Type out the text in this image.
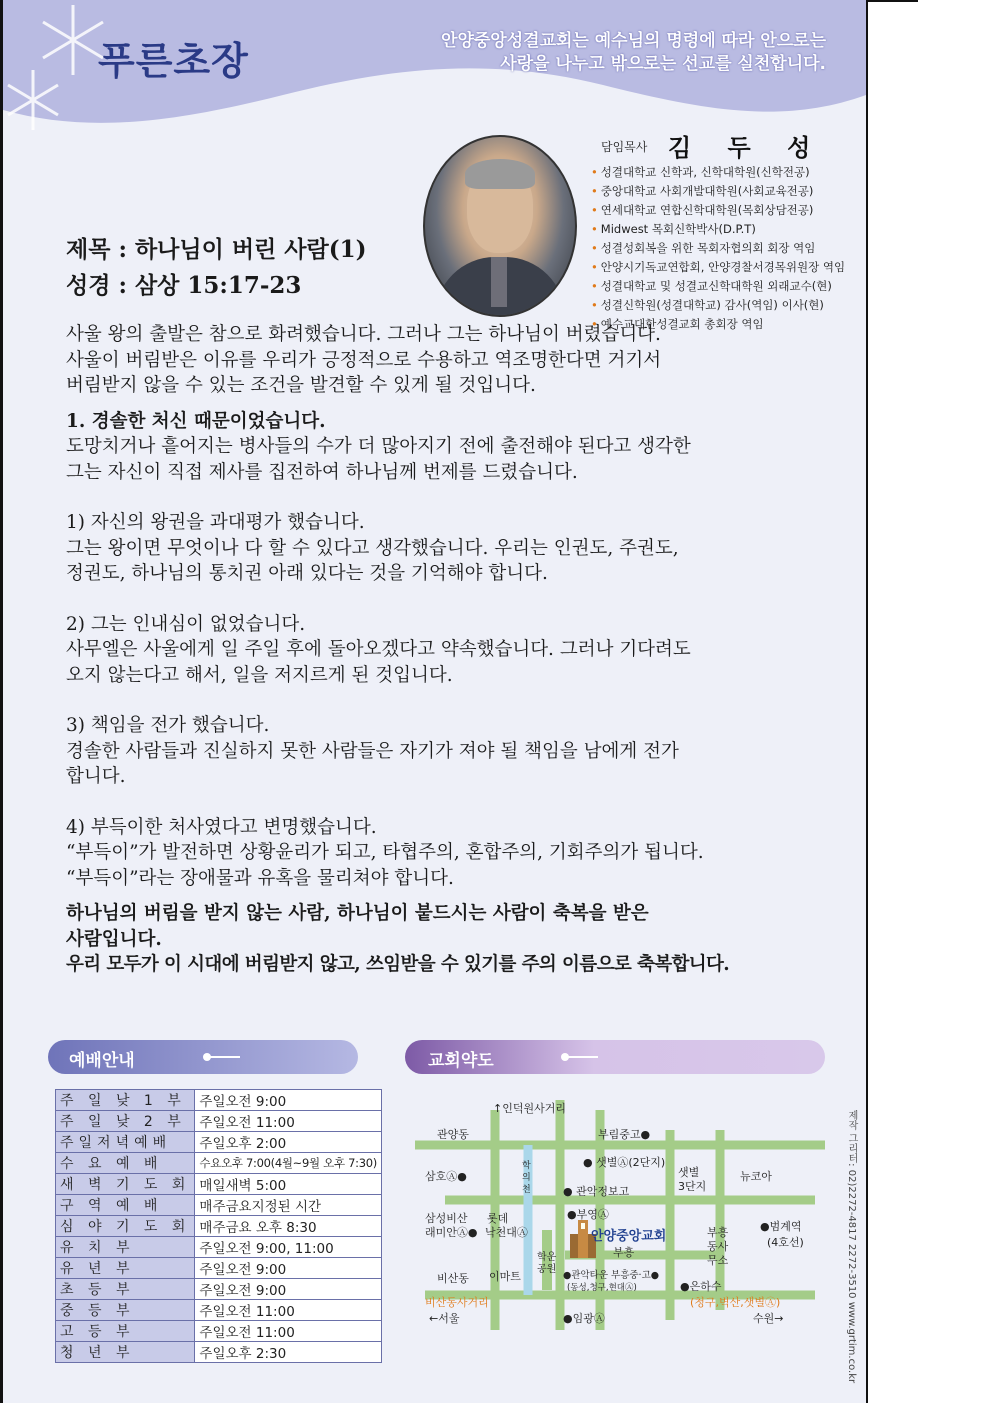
푸른초장	안양중앙성결교회는 예수님의 명령에 따라 안으로는
사랑을 나누고 밖으로는 선교를 실천합니다.
담임목사 김 두 성
• 성결대학교 신학과, 신학대학원(신학전공)
• 중앙대학교 사회개발대학원(사회교육전공)
• 연세대학교 연합신학대학원(목회상담전공)
• Midwest 목회신학박사(D.P.T)
• 성결성회복을 위한 목회자협의회 회장 역임
• 안양시기독교연합회, 안양경찰서경목위원장 역임
• 성결대학교 및 성결교신학대학원 외래교수(현)
• 성결신학원(성결대학교) 감사(역임) 이사(현)
• 예수교대한성결교회 총회장 역임
제목 : 하나님이 버린 사람(1)
성경 : 삼상 15:17-23

사울 왕의 출발은 참으로 화려했습니다. 그러나 그는 하나님이 버렸습니다.

사울이 버림받은 이유를 우리가 긍정적으로 수용하고 역조명한다면 거기서

버림받지 않을 수 있는 조건을 발견할 수 있게 될 것입니다.

1. 경솔한 처신 때문이었습니다.

도망치거나 흩어지는 병사들의 수가 더 많아지기 전에 출전해야 된다고 생각한

그는 자신이 직접 제사를 집전하여 하나님께 번제를 드렸습니다.

1) 자신의 왕권을 과대평가 했습니다.

그는 왕이면 무엇이나 다 할 수 있다고 생각했습니다. 우리는 인권도, 주권도,

정권도, 하나님의 통치권 아래 있다는 것을 기억해야 합니다.

2) 그는 인내심이 없었습니다.

사무엘은 사울에게 일 주일 후에 돌아오겠다고 약속했습니다. 그러나 기다려도

오지 않는다고 해서, 일을 저지르게 된 것입니다.

3) 책임을 전가 했습니다.

경솔한 사람들과 진실하지 못한 사람들은 자기가 져야 될 책임을 남에게 전가

합니다.

4) 부득이한 처사였다고 변명했습니다.

“부득이”가 발전하면 상황윤리가 되고, 타협주의, 혼합주의, 기회주의가 됩니다.

“부득이”라는 장애물과 유혹을 물리쳐야 합니다.

하나님의 버림을 받지 않는 사람, 하나님이 붙드시는 사람이 축복을 받은

사람입니다.

우리 모두가 이 시대에 버림받지 않고, 쓰임받을 수 있기를 주의 이름으로 축복합니다.

예배안내
주 일 낮 1 부	주일오전 9:00
주 일 낮 2 부	주일오전 11:00
주일저녁예배	주일오후 2:00
수 요 예 배	수요오후 7:00(4월~9월 오후 7:30)
새 벽 기 도 회	매일새벽 5:00
구 역 예 배	매주금요지정된 시간
심 야 기 도 회	매주금요 오후 8:30
유 치 부	주일오전 9:00, 11:00
유 년 부	주일오전 9:00
초 등 부	주일오전 9:00
중 등 부	주일오전 11:00
고 등 부	주일오전 11:00
청 년 부	주일오후 2:30
교회약도
↑인덕원사거리
관양동	부림중고●
삼호Ⓐ●
● 샛별Ⓐ(2단지)
샛별
3단지
뉴코아
학
의
천	● 관악정보고
삼성비산
래미안Ⓐ●
롯데
낙천대Ⓐ
●부영Ⓐ
안양중앙교회
부흥
부흥
동사
무소
●범계역
(4호선)
학운
공원
비산동 이마트	●관악타운 부흥중·고●
(동성,청구,현대Ⓐ)	●은하수
비산동사거리	(청구,벽산,샛별Ⓐ)
←서울	●임광Ⓐ	수원→	제작 그리터: 02)2272-4817 2272-3510 www.grtim.co.kr
